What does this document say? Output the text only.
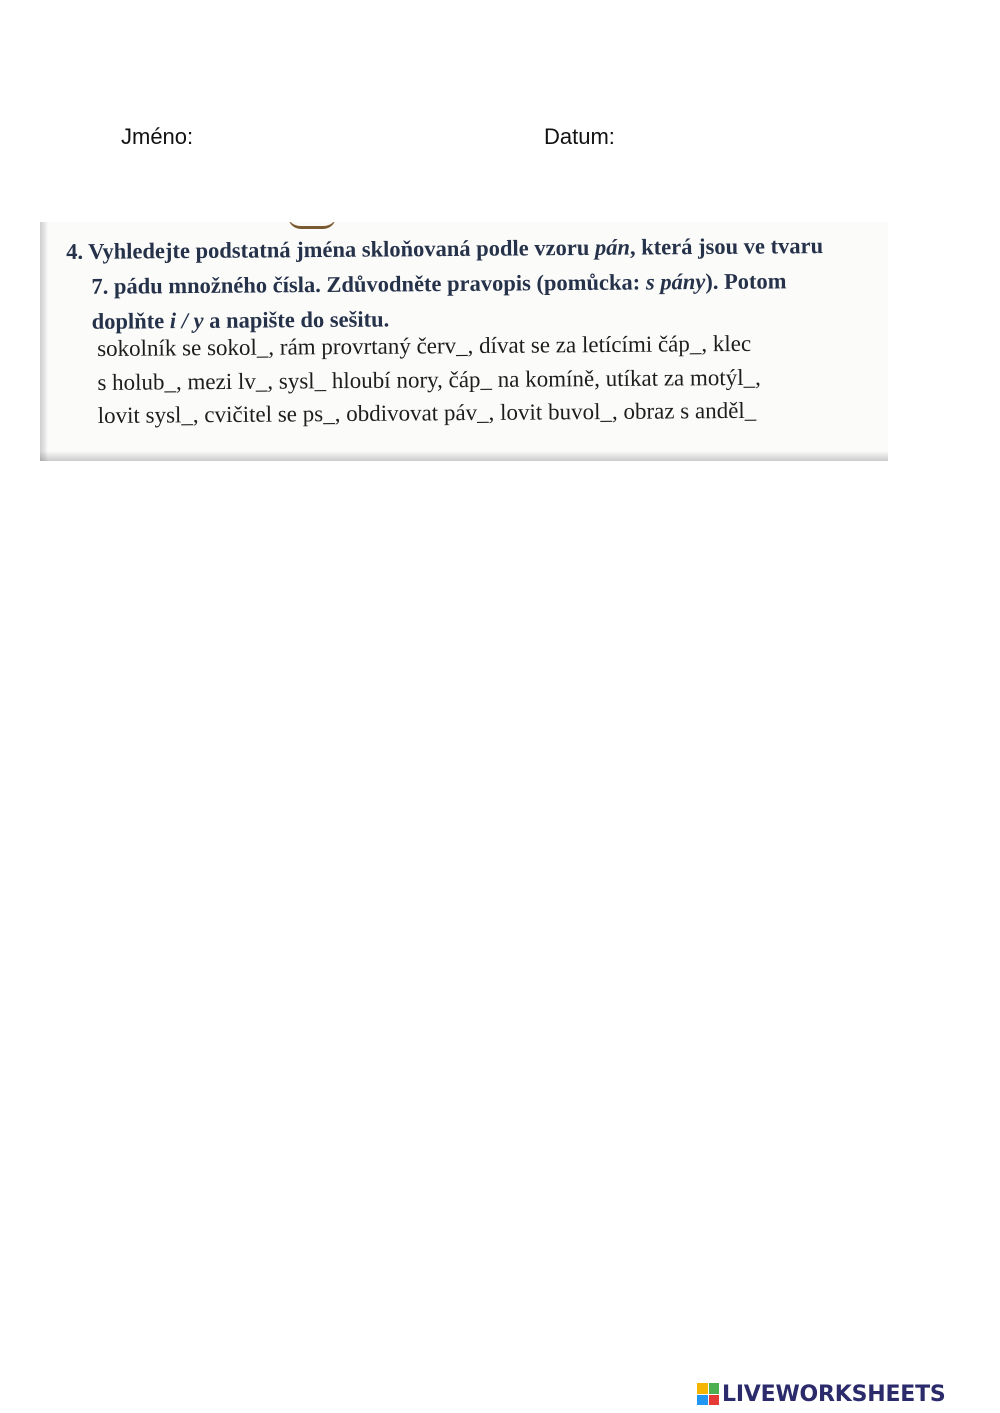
Jméno:	Datum:
4. Vyhledejte podstatná jména skloňovaná podle vzoru pán, která jsou ve tvaru
7. pádu množného čísla. Zdůvodněte pravopis (pomůcka: s pány). Potom
doplňte i / y a napište do sešitu.
sokolník se sokol_, rám provrtaný červ_, dívat se za letícími čáp_, klec
s holub_, mezi lv_, sysl_ hloubí nory, čáp_ na komíně, utíkat za motýl_,
lovit sysl_, cvičitel se ps_, obdivovat páv_, lovit buvol_, obraz s anděl_
LIVEWORKSHEETS
